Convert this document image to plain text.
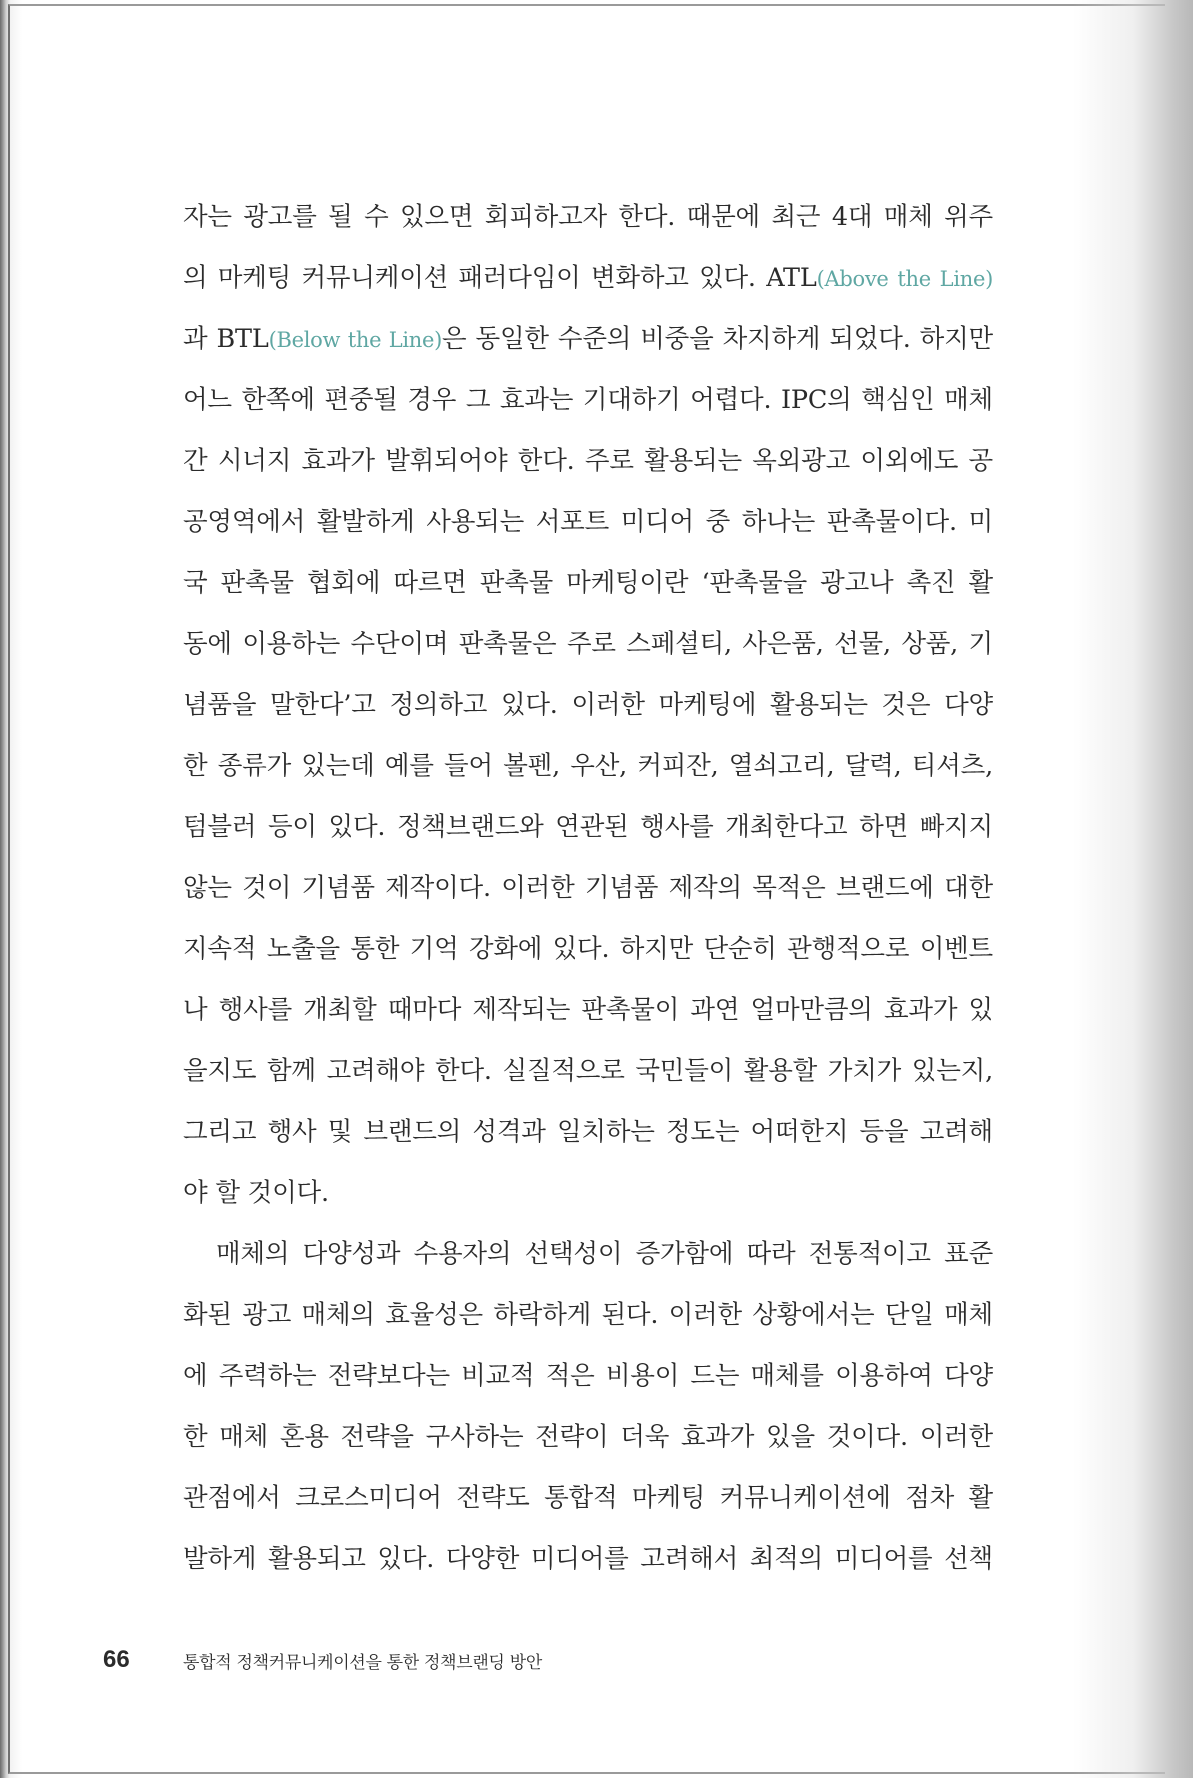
자는 광고를 될 수 있으면 회피하고자 한다. 때문에 최근 4대 매체 위주
의 마케팅 커뮤니케이션 패러다임이 변화하고 있다. ATL(Above the Line)
과 BTL(Below the Line)은 동일한 수준의 비중을 차지하게 되었다. 하지만
어느 한쪽에 편중될 경우 그 효과는 기대하기 어렵다. IPC의 핵심인 매체
간 시너지 효과가 발휘되어야 한다. 주로 활용되는 옥외광고 이외에도 공
공영역에서 활발하게 사용되는 서포트 미디어 중 하나는 판촉물이다. 미
국 판촉물 협회에 따르면 판촉물 마케팅이란 ‘판촉물을 광고나 촉진 활
동에 이용하는 수단이며 판촉물은 주로 스페셜티, 사은품, 선물, 상품, 기
념품을 말한다’고 정의하고 있다. 이러한 마케팅에 활용되는 것은 다양
한 종류가 있는데 예를 들어 볼펜, 우산, 커피잔, 열쇠고리, 달력, 티셔츠,
텀블러 등이 있다. 정책브랜드와 연관된 행사를 개최한다고 하면 빠지지
않는 것이 기념품 제작이다. 이러한 기념품 제작의 목적은 브랜드에 대한
지속적 노출을 통한 기억 강화에 있다. 하지만 단순히 관행적으로 이벤트
나 행사를 개최할 때마다 제작되는 판촉물이 과연 얼마만큼의 효과가 있
을지도 함께 고려해야 한다. 실질적으로 국민들이 활용할 가치가 있는지,
그리고 행사 및 브랜드의 성격과 일치하는 정도는 어떠한지 등을 고려해
야 할 것이다.
매체의 다양성과 수용자의 선택성이 증가함에 따라 전통적이고 표준
화된 광고 매체의 효율성은 하락하게 된다. 이러한 상황에서는 단일 매체
에 주력하는 전략보다는 비교적 적은 비용이 드는 매체를 이용하여 다양
한 매체 혼용 전략을 구사하는 전략이 더욱 효과가 있을 것이다. 이러한
관점에서 크로스미디어 전략도 통합적 마케팅 커뮤니케이션에 점차 활
발하게 활용되고 있다. 다양한 미디어를 고려해서 최적의 미디어를 선책
66	통합적 정책커뮤니케이션을 통한 정책브랜딩 방안
